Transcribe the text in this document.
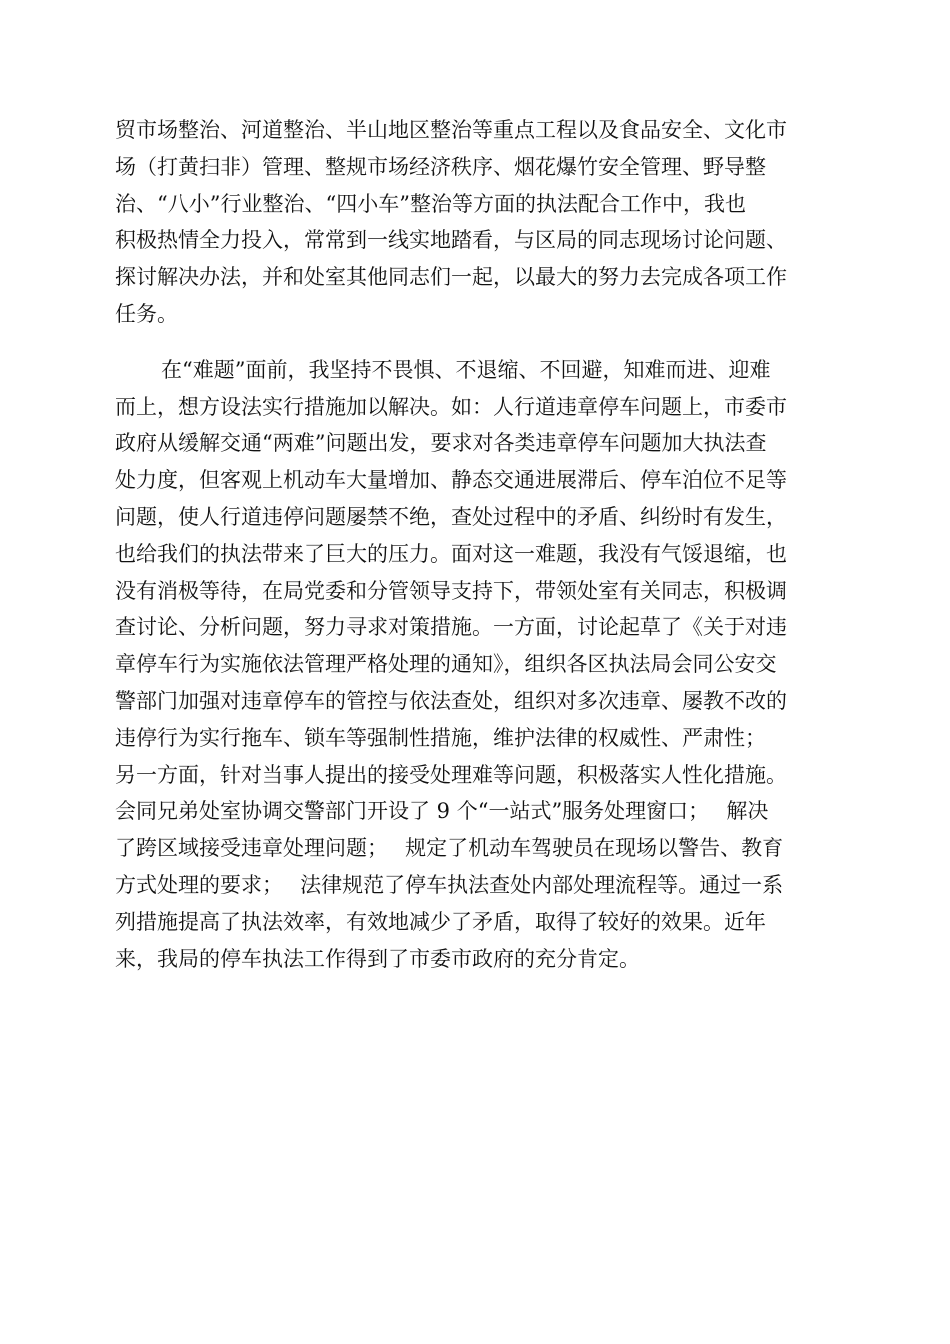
贸市场整治、河道整治、半山地区整治等重点工程以及食品安全、文化市
场（打黄扫非）管理、整规市场经济秩序、烟花爆竹安全管理、野导整
治、“八小”行业整治、“四小车”整治等方面的执法配合工作中，我也
积极热情全力投入，常常到一线实地踏看，与区局的同志现场讨论问题、
探讨解决办法，并和处室其他同志们一起，以最大的努力去完成各项工作
任务。
在“难题”面前，我坚持不畏惧、不退缩、不回避，知难而进、迎难
而上，想方设法实行措施加以解决。如：人行道违章停车问题上，市委市
政府从缓解交通“两难”问题出发，要求对各类违章停车问题加大执法查
处力度，但客观上机动车大量增加、静态交通进展滞后、停车泊位不足等
问题，使人行道违停问题屡禁不绝，查处过程中的矛盾、纠纷时有发生，
也给我们的执法带来了巨大的压力。面对这一难题，我没有气馁退缩，也
没有消极等待，在局党委和分管领导支持下，带领处室有关同志，积极调
查讨论、分析问题，努力寻求对策措施。一方面，讨论起草了《关于对违
章停车行为实施依法管理严格处理的通知》，组织各区执法局会同公安交
警部门加强对违章停车的管控与依法查处，组织对多次违章、屡教不改的
违停行为实行拖车、锁车等强制性措施，维护法律的权威性、严肃性；
另一方面，针对当事人提出的接受处理难等问题，积极落实人性化措施。
会同兄弟处室协调交警部门开设了 9 个“一站式”服务处理窗口；　 解决
了跨区域接受违章处理问题；　 规定了机动车驾驶员在现场以警告、教育
方式处理的要求；　 法律规范了停车执法查处内部处理流程等。通过一系
列措施提高了执法效率，有效地减少了矛盾，取得了较好的效果。近年
来，我局的停车执法工作得到了市委市政府的充分肯定。
